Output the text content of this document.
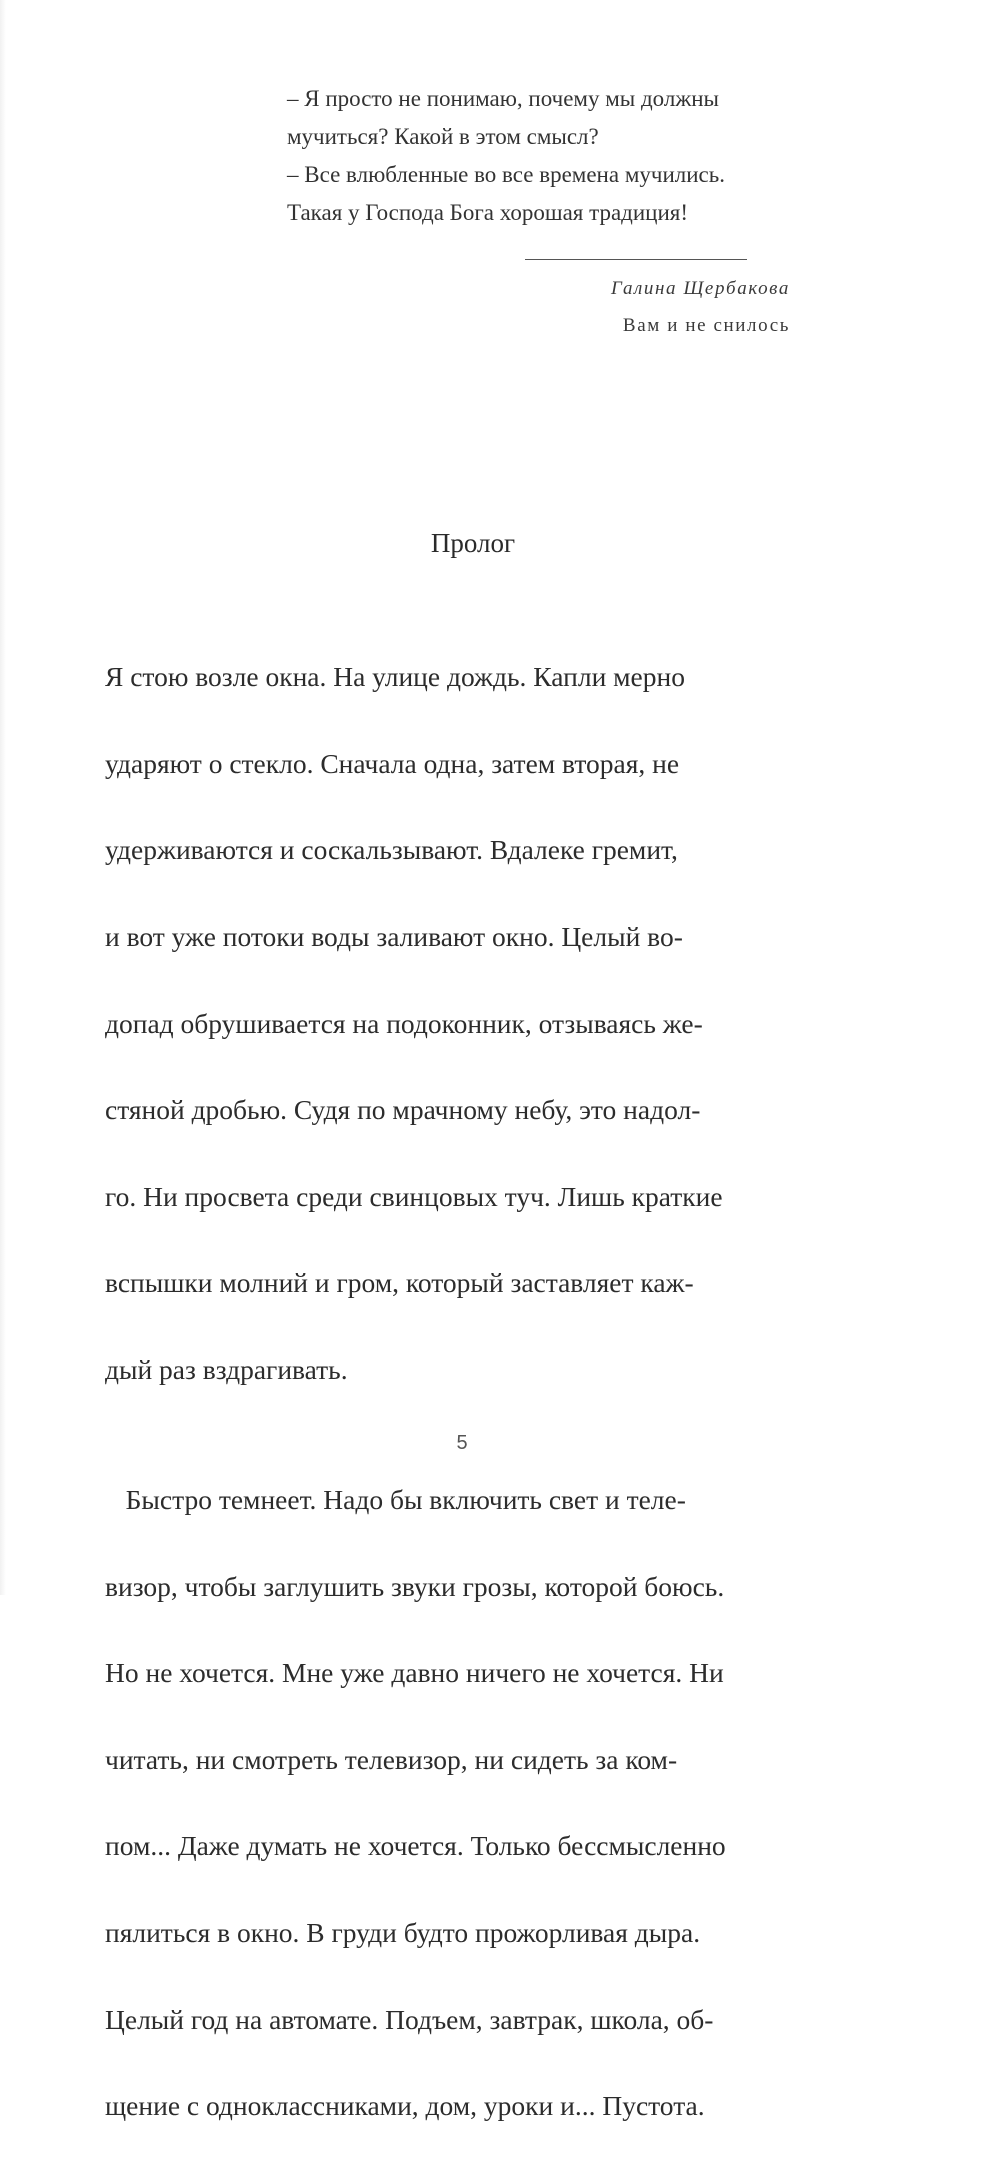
– Я просто не понимаю, почему мы должны

мучиться? Какой в этом смысл?

– Все влюбленные во все времена мучились.

Такая у Господа Бога хорошая традиция!

Галина Щербакова
Вам и не снилось
Пролог

Я стою возле окна. На улице дождь. Капли мерно

ударяют о стекло. Сначала одна, затем вторая, не

удерживаются и соскальзывают. Вдалеке гремит,

и вот уже потоки воды заливают окно. Целый во-

допад обрушивается на подоконник, отзываясь же-

стяной дробью. Судя по мрачному небу, это надол-

го. Ни просвета среди свинцовых туч. Лишь краткие

вспышки молний и гром, который заставляет каж-

дый раз вздрагивать.

Быстро темнеет. Надо бы включить свет и теле-

визор, чтобы заглушить звуки грозы, которой боюсь.

Но не хочется. Мне уже давно ничего не хочется. Ни

читать, ни смотреть телевизор, ни сидеть за ком-

пом... Даже думать не хочется. Только бессмысленно

пялиться в окно. В груди будто прожорливая дыра.

Целый год на автомате. Подъем, завтрак, школа, об-

щение с одноклассниками, дом, уроки и... Пустота.

5
